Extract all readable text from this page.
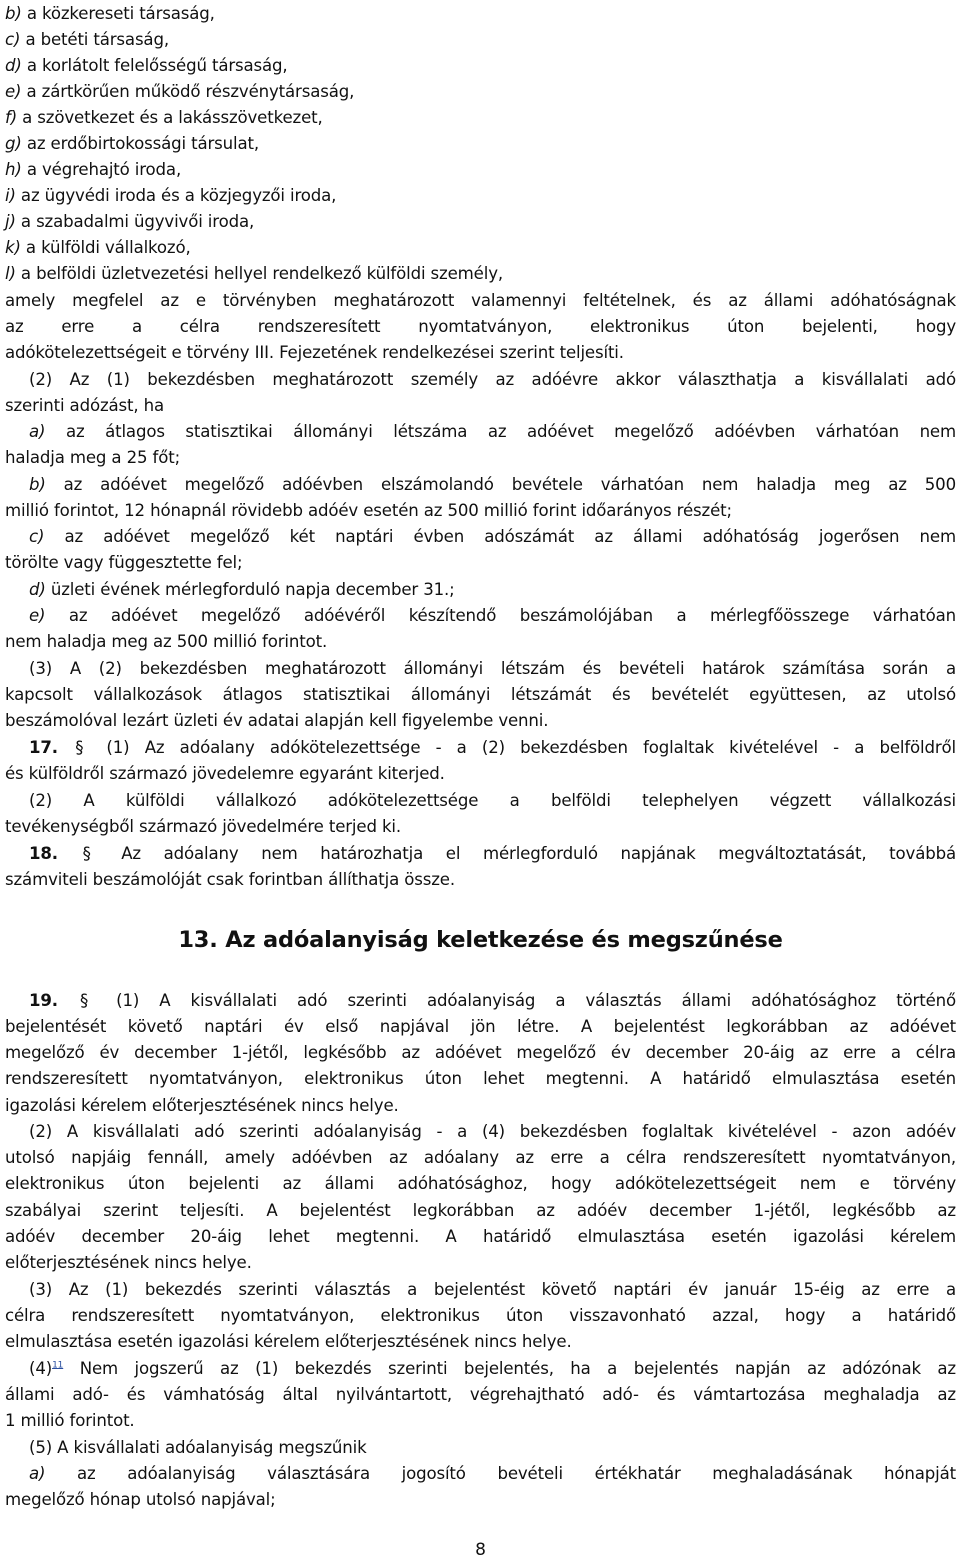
b) a közkereseti társaság,
c) a betéti társaság,
d) a korlátolt felelősségű társaság,
e) a zártkörűen működő részvénytársaság,
f) a szövetkezet és a lakásszövetkezet,
g) az erdőbirtokossági társulat,
h) a végrehajtó iroda,
i) az ügyvédi iroda és a közjegyzői iroda,
j) a szabadalmi ügyvivői iroda,
k) a külföldi vállalkozó,
l) a belföldi üzletvezetési hellyel rendelkező külföldi személy,
amely megfelel az e törvényben meghatározott valamennyi feltételnek, és az állami adóhatóságnak
az erre a célra rendszeresített nyomtatványon, elektronikus úton bejelenti, hogy
adókötelezettségeit e törvény III. Fejezetének rendelkezései szerint teljesíti.
(2) Az (1) bekezdésben meghatározott személy az adóévre akkor választhatja a kisvállalati adó
szerinti adózást, ha
a) az átlagos statisztikai állományi létszáma az adóévet megelőző adóévben várhatóan nem
haladja meg a 25 főt;
b) az adóévet megelőző adóévben elszámolandó bevétele várhatóan nem haladja meg az 500
millió forintot, 12 hónapnál rövidebb adóév esetén az 500 millió forint időarányos részét;
c) az adóévet megelőző két naptári évben adószámát az állami adóhatóság jogerősen nem
törölte vagy függesztette fel;
d) üzleti évének mérlegforduló napja december 31.;
e) az adóévet megelőző adóévéről készítendő beszámolójában a mérlegfőösszege várhatóan
nem haladja meg az 500 millió forintot.
(3) A (2) bekezdésben meghatározott állományi létszám és bevételi határok számítása során a
kapcsolt vállalkozások átlagos statisztikai állományi létszámát és bevételét együttesen, az utolsó
beszámolóval lezárt üzleti év adatai alapján kell figyelembe venni.
17. § (1) Az adóalany adókötelezettsége - a (2) bekezdésben foglaltak kivételével - a belföldről
és külföldről származó jövedelemre egyaránt kiterjed.
(2) A külföldi vállalkozó adókötelezettsége a belföldi telephelyen végzett vállalkozási
tevékenységből származó jövedelmére terjed ki.
18. § Az adóalany nem határozhatja el mérlegforduló napjának megváltoztatását, továbbá
számviteli beszámolóját csak forintban állíthatja össze.
13. Az adóalanyiság keletkezése és megszűnése
19. § (1) A kisvállalati adó szerinti adóalanyiság a választás állami adóhatósághoz történő
bejelentését követő naptári év első napjával jön létre. A bejelentést legkorábban az adóévet
megelőző év december 1-jétől, legkésőbb az adóévet megelőző év december 20-áig az erre a célra
rendszeresített nyomtatványon, elektronikus úton lehet megtenni. A határidő elmulasztása esetén
igazolási kérelem előterjesztésének nincs helye.
(2) A kisvállalati adó szerinti adóalanyiság - a (4) bekezdésben foglaltak kivételével - azon adóév
utolsó napjáig fennáll, amely adóévben az adóalany az erre a célra rendszeresített nyomtatványon,
elektronikus úton bejelenti az állami adóhatósághoz, hogy adókötelezettségeit nem e törvény
szabályai szerint teljesíti. A bejelentést legkorábban az adóév december 1-jétől, legkésőbb az
adóév december 20-áig lehet megtenni. A határidő elmulasztása esetén igazolási kérelem
előterjesztésének nincs helye.
(3) Az (1) bekezdés szerinti választás a bejelentést követő naptári év január 15-éig az erre a
célra rendszeresített nyomtatványon, elektronikus úton visszavonható azzal, hogy a határidő
elmulasztása esetén igazolási kérelem előterjesztésének nincs helye.
$(4)^{11}$ Nem jogszerű az (1) bekezdés szerinti bejelentés, ha a bejelentés napján az adózónak az
állami adó- és vámhatóság által nyilvántartott, végrehajtható adó- és vámtartozása meghaladja az
1 millió forintot.
(5) A kisvállalati adóalanyiság megszűnik
a) az adóalanyiság választására jogosító bevételi értékhatár meghaladásának hónapját
megelőző hónap utolsó napjával;
8
